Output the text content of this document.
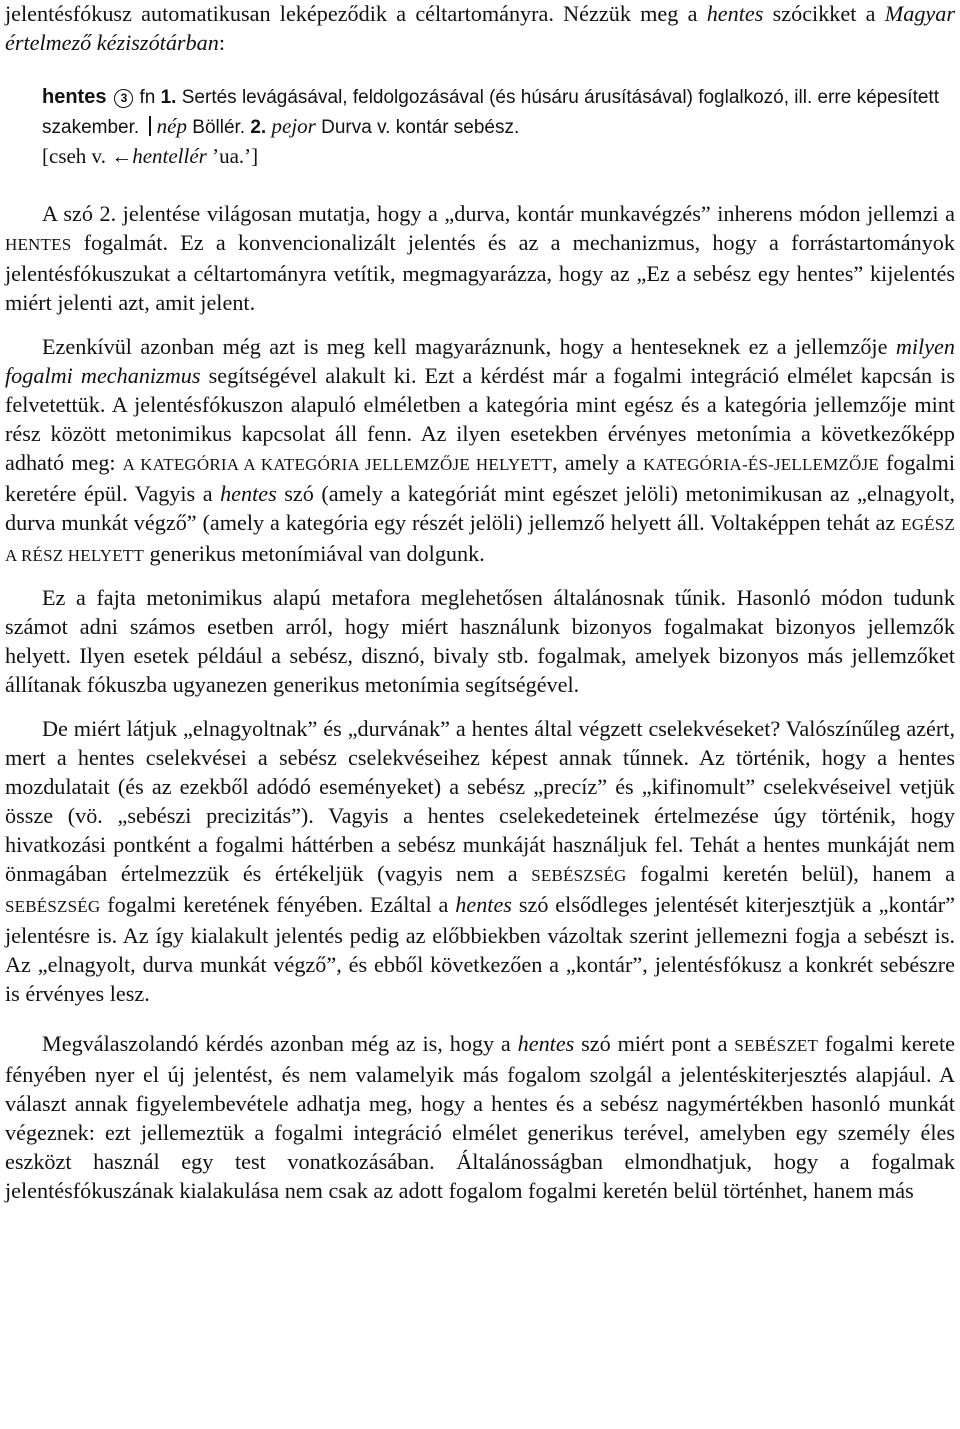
jelentésfókusz automatikusan leképeződik a céltartományra. Nézzük meg a hentes szócikket a Magyar értelmező kéziszótárban:

hentes 3 fn 1. Sertés levágásával, feldolgozásával (és húsáru árusításával) foglalkozó, ill. erre képesített szakember. nép Böllér. 2. pejor Durva v. kontár sebész.
[cseh v. ←hentellér ’ua.’]

A szó 2. jelentése világosan mutatja, hogy a „durva, kontár munkavégzés” inherens módon jellemzi a HENTES fogalmát. Ez a konvencionalizált jelentés és az a mechanizmus, hogy a forrástartományok jelentésfókuszukat a céltartományra vetítik, megmagyarázza, hogy az „Ez a sebész egy hentes” kijelentés miért jelenti azt, amit jelent.

Ezenkívül azonban még azt is meg kell magyaráznunk, hogy a henteseknek ez a jellemzője milyen fogalmi mechanizmus segítségével alakult ki. Ezt a kérdést már a fogalmi integráció elmélet kapcsán is felvetettük. A jelentésfókuszon alapuló elméletben a kategória mint egész és a kategória jellemzője mint rész között metonimikus kapcsolat áll fenn. Az ilyen esetekben érvényes metonímia a következőképp adható meg: A KATEGÓRIA A KATEGÓRIA JELLEMZŐJE HELYETT, amely a KATEGÓRIA-ÉS-JELLEMZŐJE fogalmi keretére épül. Vagyis a hentes szó (amely a kategóriát mint egészet jelöli) metonimikusan az „elnagyolt, durva munkát végző” (amely a kategória egy részét jelöli) jellemző helyett áll. Voltaképpen tehát az EGÉSZ A RÉSZ HELYETT generikus metonímiával van dolgunk.

Ez a fajta metonimikus alapú metafora meglehetősen általánosnak tűnik. Hasonló módon tudunk számot adni számos esetben arról, hogy miért használunk bizonyos fogalmakat bizonyos jellemzők helyett. Ilyen esetek például a sebész, disznó, bivaly stb. fogalmak, amelyek bizonyos más jellemzőket állítanak fókuszba ugyanezen generikus metonímia segítségével.

De miért látjuk „elnagyoltnak” és „durvának” a hentes által végzett cselekvéseket? Valószínűleg azért, mert a hentes cselekvései a sebész cselekvéseihez képest annak tűnnek. Az történik, hogy a hentes mozdulatait (és az ezekből adódó eseményeket) a sebész „precíz” és „kifinomult” cselekvéseivel vetjük össze (vö. „sebészi precizitás”). Vagyis a hentes cselekedeteinek értelmezése úgy történik, hogy hivatkozási pontként a fogalmi háttérben a sebész munkáját használjuk fel. Tehát a hentes munkáját nem önmagában értelmezzük és értékeljük (vagyis nem a SEBÉSZSÉG fogalmi keretén belül), hanem a SEBÉSZSÉG fogalmi keretének fényében. Ezáltal a hentes szó elsődleges jelentését kiterjesztjük a „kontár” jelentésre is. Az így kialakult jelentés pedig az előbbiekben vázoltak szerint jellemezni fogja a sebészt is. Az „elnagyolt, durva munkát végző”, és ebből következően a „kontár”, jelentésfókusz a konkrét sebészre is érvényes lesz.

Megválaszolandó kérdés azonban még az is, hogy a hentes szó miért pont a SEBÉSZET fogalmi kerete fényében nyer el új jelentést, és nem valamelyik más fogalom szolgál a jelentéskiterjesztés alapjául. A választ annak figyelembevétele adhatja meg, hogy a hentes és a sebész nagymértékben hasonló munkát végeznek: ezt jellemeztük a fogalmi integráció elmélet generikus terével, amelyben egy személy éles eszközt használ egy test vonatkozásában. Általánosságban elmondhatjuk, hogy a fogalmak jelentésfókuszának kialakulása nem csak az adott fogalom fogalmi keretén belül történhet, hanem más
